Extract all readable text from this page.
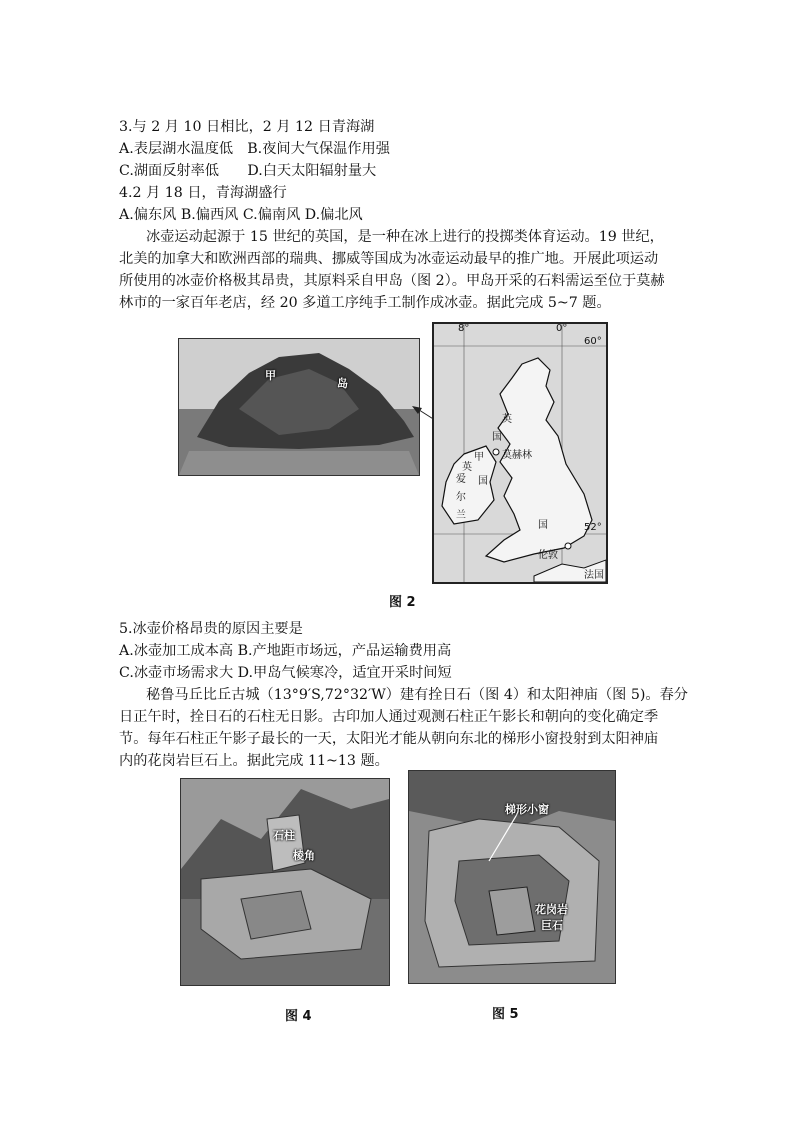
3.与 2 月 10 日相比，2 月 12 日青海湖
A.表层湖水温度低　B.夜间大气保温作用强
C.湖面反射率低　　D.白天太阳辐射量大
4.2 月 18 日，青海湖盛行
A.偏东风 B.偏西风 C.偏南风 D.偏北风
冰壶运动起源于 15 世纪的英国，是一种在冰上进行的投掷类体育运动。19 世纪，
北美的加拿大和欧洲西部的瑞典、挪威等国成为冰壶运动最早的推广地。开展此项运动
所使用的冰壶价格极其昂贵，其原料采自甲岛（图 2）。甲岛开采的石料需运至位于莫赫
林市的一家百年老店，经 20 多道工序纯手工制作成冰壶。据此完成 5~7 题。
甲
岛
8°	0°
60°
52°
英
国
甲 莫赫林
英
国
爱
尔
兰
国
伦敦
法国
图 2
5.冰壶价格昂贵的原因主要是
A.冰壶加工成本高 B.产地距市场远，产品运输费用高
C.冰壶市场需求大 D.甲岛气候寒冷，适宜开采时间短
秘鲁马丘比丘古城（13°9′S,72°32′W）建有拴日石（图 4）和太阳神庙（图 5)。春分
日正午时，拴日石的石柱无日影。古印加人通过观测石柱正午影长和朝向的变化确定季
节。每年石柱正午影子最长的一天，太阳光才能从朝向东北的梯形小窗投射到太阳神庙
内的花岗岩巨石上。据此完成 11~13 题。
石柱
棱角
梯形小窗
花岗岩
巨石
图 4	图 5
